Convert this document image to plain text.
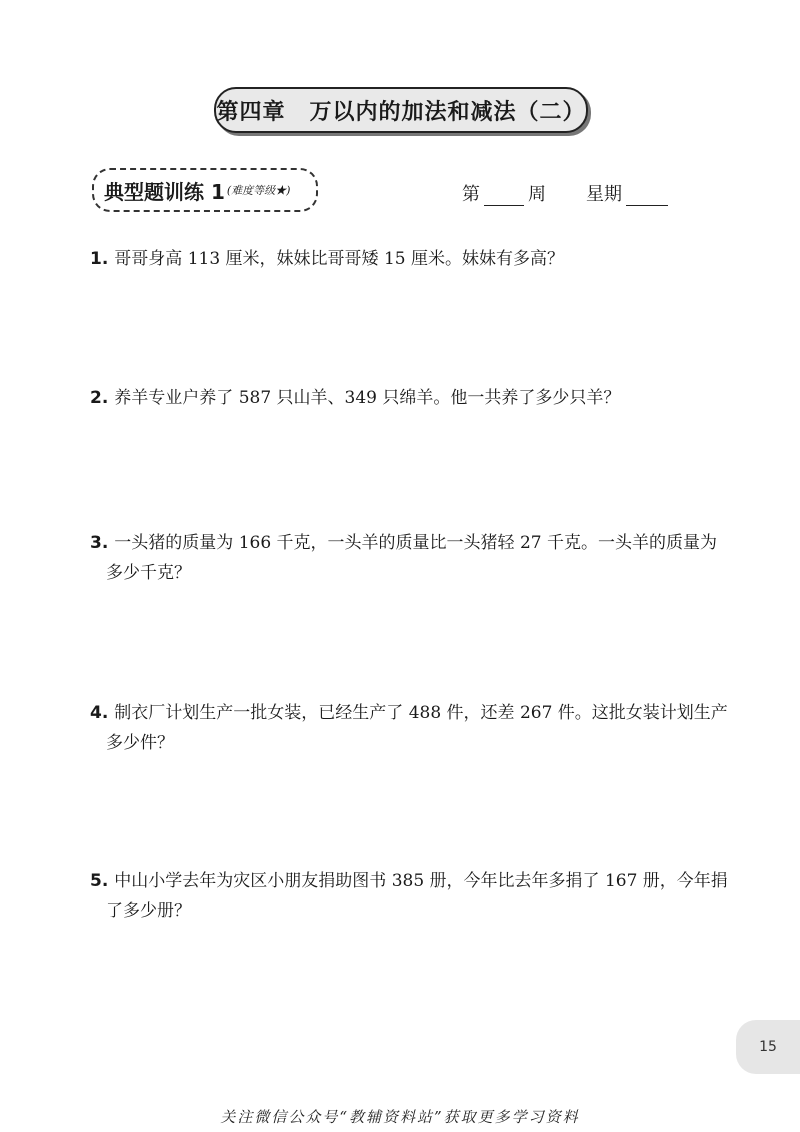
第四章 万以内的加法和减法（二）
典型题训练 1 (难度等级★)	第	周 星期
1. 哥哥身高 113 厘米，妹妹比哥哥矮 15 厘米。妹妹有多高？
2. 养羊专业户养了 587 只山羊、349 只绵羊。他一共养了多少只羊？
3. 一头猪的质量为 166 千克，一头羊的质量比一头猪轻 27 千克。一头羊的质量为
多少千克？
4. 制衣厂计划生产一批女装，已经生产了 488 件，还差 267 件。这批女装计划生产
多少件？
5. 中山小学去年为灾区小朋友捐助图书 385 册，今年比去年多捐了 167 册，今年捐
了多少册？
15
关注微信公众号“教辅资料站”获取更多学习资料
